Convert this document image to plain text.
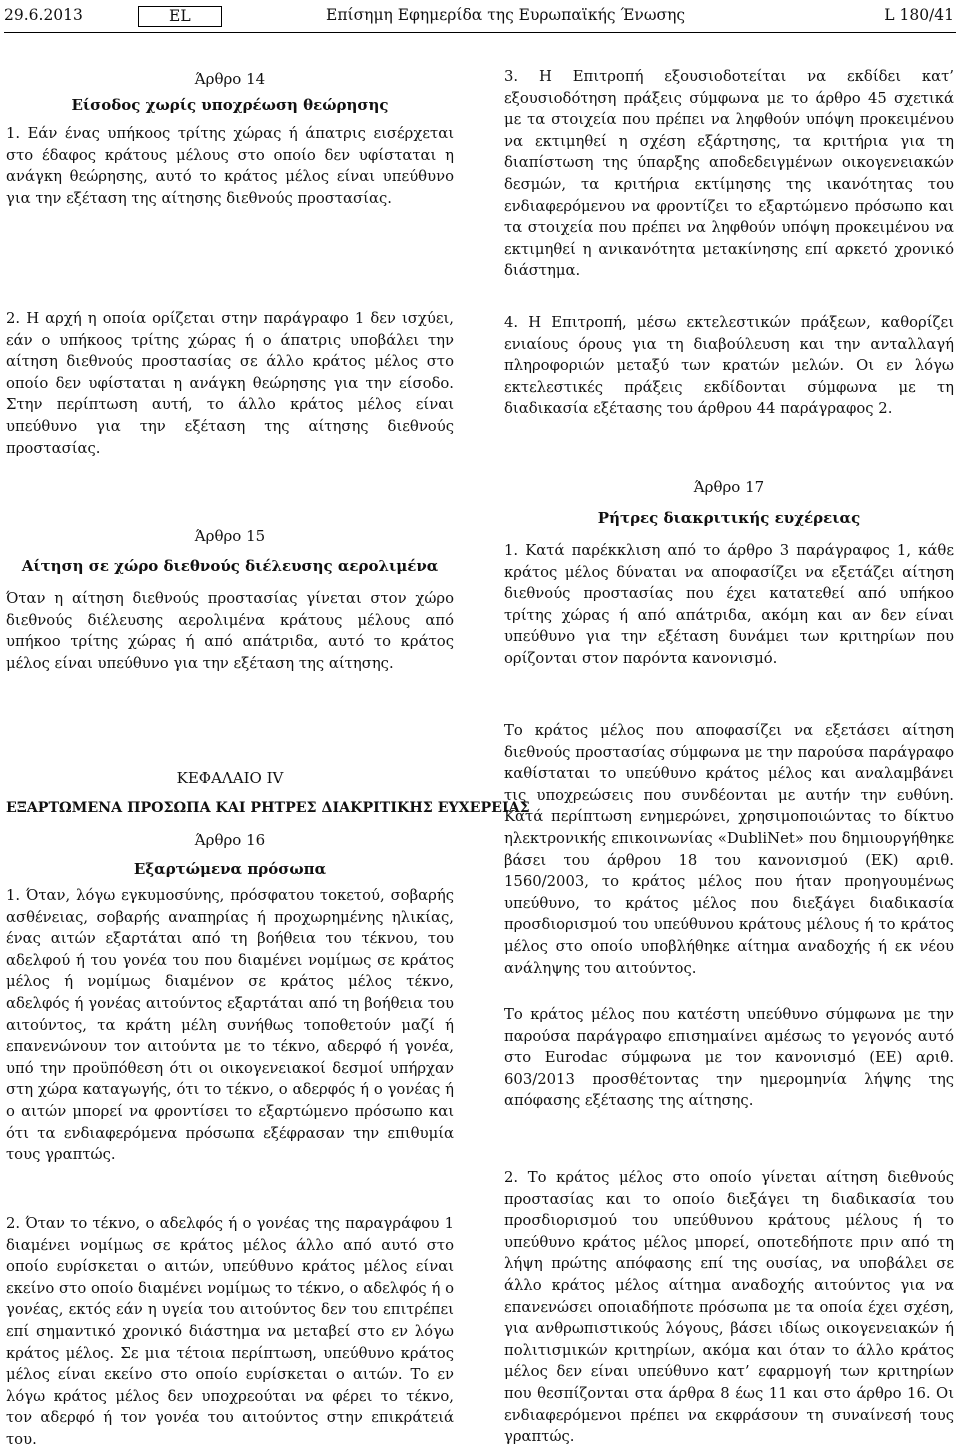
29.6.2013	EL	Επίσημη Εφημερίδα της Ευρωπαϊκής Ένωσης	L 180/41
Άρθρο 14
Είσοδος χωρίς υποχρέωση θεώρησης

1. Εάν ένας υπήκοος τρίτης χώρας ή άπατρις εισέρχεται στο έδαφος κράτους μέλους στο οποίο δεν υφίσταται η ανάγκη θεώρησης, αυτό το κράτος μέλος είναι υπεύθυνο για την εξέταση της αίτησης διεθνούς προστασίας.

2. Η αρχή η οποία ορίζεται στην παράγραφο 1 δεν ισχύει, εάν ο υπήκοος τρίτης χώρας ή ο άπατρις υποβάλει την αίτηση διεθνούς προστασίας σε άλλο κράτος μέλος στο οποίο δεν υφίσταται η ανάγκη θεώρησης για την είσοδο. Στην περίπτωση αυτή, το άλλο κράτος μέλος είναι υπεύθυνο για την εξέταση της αίτησης διεθνούς προστασίας.

Άρθρο 15
Αίτηση σε χώρο διεθνούς διέλευσης αερολιμένα

Όταν η αίτηση διεθνούς προστασίας γίνεται στον χώρο διεθνούς διέλευσης αερολιμένα κράτους μέλους από υπήκοο τρίτης χώρας ή από απάτριδα, αυτό το κράτος μέλος είναι υπεύθυνο για την εξέταση της αίτησης.

ΚΕΦΑΛΑΙΟ IV
ΕΞΑΡΤΩΜΕΝΑ ΠΡΟΣΩΠΑ ΚΑΙ ΡΗΤΡΕΣ ΔΙΑΚΡΙΤΙΚΗΣ ΕΥΧΕΡΕΙΑΣ
Άρθρο 16
Εξαρτώμενα πρόσωπα

1. Όταν, λόγω εγκυμοσύνης, πρόσφατου τοκετού, σοβαρής ασθένειας, σοβαρής αναπηρίας ή προχωρημένης ηλικίας, ένας αιτών εξαρτάται από τη βοήθεια του τέκνου, του αδελφού ή του γονέα του που διαμένει νομίμως σε κράτος μέλος ή νομίμως διαμένον σε κράτος μέλος τέκνο, αδελφός ή γονέας αιτούντος εξαρτάται από τη βοήθεια του αιτούντος, τα κράτη μέλη συνήθως τοποθετούν μαζί ή επανενώνουν τον αιτούντα με το τέκνο, αδερφό ή γονέα, υπό την προϋπόθεση ότι οι οικογενειακοί δεσμοί υπήρχαν στη χώρα καταγωγής, ότι το τέκνο, ο αδερφός ή ο γονέας ή ο αιτών μπορεί να φροντίσει το εξαρτώμενο πρόσωπο και ότι τα ενδιαφερόμενα πρόσωπα εξέφρασαν την επιθυμία τους γραπτώς.

2. Όταν το τέκνο, ο αδελφός ή ο γονέας της παραγράφου 1 διαμένει νομίμως σε κράτος μέλος άλλο από αυτό στο οποίο ευρίσκεται ο αιτών, υπεύθυνο κράτος μέλος είναι εκείνο στο οποίο διαμένει νομίμως το τέκνο, ο αδελφός ή ο γονέας, εκτός εάν η υγεία του αιτούντος δεν του επιτρέπει επί σημαντικό χρονικό διάστημα να μεταβεί στο εν λόγω κράτος μέλος. Σε μια τέτοια περίπτωση, υπεύθυνο κράτος μέλος είναι εκείνο στο οποίο ευρίσκεται ο αιτών. Το εν λόγω κράτος μέλος δεν υποχρεούται να φέρει το τέκνο, τον αδερφό ή τον γονέα του αιτούντος στην επικράτειά του.

3. Η Επιτροπή εξουσιοδοτείται να εκδίδει κατ’ εξουσιοδότηση πράξεις σύμφωνα με το άρθρο 45 σχετικά με τα στοιχεία που πρέπει να ληφθούν υπόψη προκειμένου να εκτιμηθεί η σχέση εξάρτησης, τα κριτήρια για τη διαπίστωση της ύπαρξης αποδεδειγμένων οικογενειακών δεσμών, τα κριτήρια εκτίμησης της ικανότητας του ενδιαφερόμενου να φροντίζει το εξαρτώμενο πρόσωπο και τα στοιχεία που πρέπει να ληφθούν υπόψη προκειμένου να εκτιμηθεί η ανικανότητα μετακίνησης επί αρκετό χρονικό διάστημα.

4. Η Επιτροπή, μέσω εκτελεστικών πράξεων, καθορίζει ενιαίους όρους για τη διαβούλευση και την ανταλλαγή πληροφοριών μεταξύ των κρατών μελών. Οι εν λόγω εκτελεστικές πράξεις εκδίδονται σύμφωνα με τη διαδικασία εξέτασης του άρθρου 44 παράγραφος 2.

Άρθρο 17
Ρήτρες διακριτικής ευχέρειας

1. Κατά παρέκκλιση από το άρθρο 3 παράγραφος 1, κάθε κράτος μέλος δύναται να αποφασίζει να εξετάζει αίτηση διεθνούς προστασίας που έχει κατατεθεί από υπήκοο τρίτης χώρας ή από απάτριδα, ακόμη και αν δεν είναι υπεύθυνο για την εξέταση δυνάμει των κριτηρίων που ορίζονται στον παρόντα κανονισμό.

Το κράτος μέλος που αποφασίζει να εξετάσει αίτηση διεθνούς προστασίας σύμφωνα με την παρούσα παράγραφο καθίσταται το υπεύθυνο κράτος μέλος και αναλαμβάνει τις υποχρεώσεις που συνδέονται με αυτήν την ευθύνη. Κατά περίπτωση ενημερώνει, χρησιμοποιώντας το δίκτυο ηλεκτρονικής επικοινωνίας «DubliNet» που δημιουργήθηκε βάσει του άρθρου 18 του κανονισμού (ΕΚ) αριθ. 1560/2003, το κράτος μέλος που ήταν προηγουμένως υπεύθυνο, το κράτος μέλος που διεξάγει διαδικασία προσδιορισμού του υπεύθυνου κράτους μέλους ή το κράτος μέλος στο οποίο υποβλήθηκε αίτημα αναδοχής ή εκ νέου ανάληψης του αιτούντος.

Το κράτος μέλος που κατέστη υπεύθυνο σύμφωνα με την παρούσα παράγραφο επισημαίνει αμέσως το γεγονός αυτό στο Eurodac σύμφωνα με τον κανονισμό (ΕΕ) αριθ. 603/2013 προσθέτοντας την ημερομηνία λήψης της απόφασης εξέτασης της αίτησης.

2. Το κράτος μέλος στο οποίο γίνεται αίτηση διεθνούς προστασίας και το οποίο διεξάγει τη διαδικασία του προσδιορισμού του υπεύθυνου κράτους μέλους ή το υπεύθυνο κράτος μέλος μπορεί, οποτεδήποτε πριν από τη λήψη πρώτης απόφασης επί της ουσίας, να υποβάλει σε άλλο κράτος μέλος αίτημα αναδοχής αιτούντος για να επανενώσει οποιαδήποτε πρόσωπα με τα οποία έχει σχέση, για ανθρωπιστικούς λόγους, βάσει ιδίως οικογενειακών ή πολιτισμικών κριτηρίων, ακόμα και όταν το άλλο κράτος μέλος δεν είναι υπεύθυνο κατ’ εφαρμογή των κριτηρίων που θεσπίζονται στα άρθρα 8 έως 11 και στο άρθρο 16. Οι ενδιαφερόμενοι πρέπει να εκφράσουν τη συναίνεσή τους γραπτώς.
